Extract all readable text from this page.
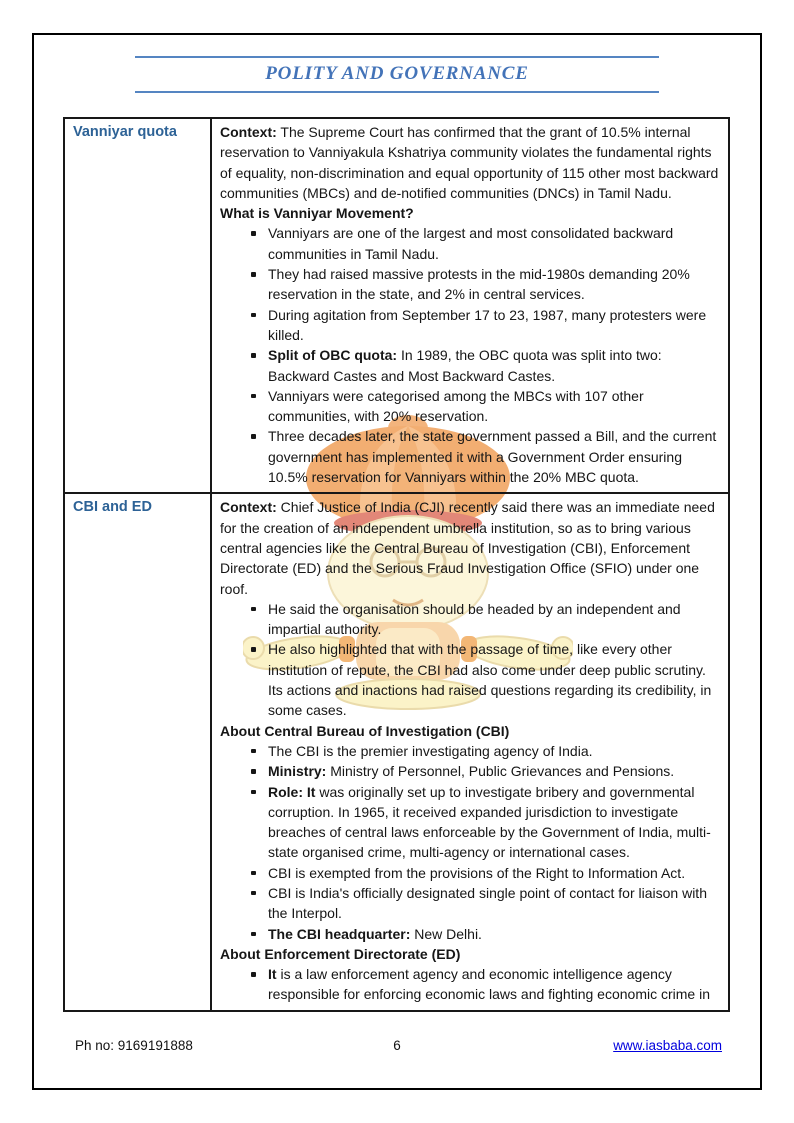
POLITY AND GOVERNANCE
Vanniyar quota	Context: The Supreme Court has confirmed that the grant of 10.5% internal reservation to Vanniyakula Kshatriya community violates the fundamental rights of equality, non-discrimination and equal opportunity of 115 other most backward communities (MBCs) and de-notified communities (DNCs) in Tamil Nadu.
What is Vanniyar Movement?
Vanniyars are one of the largest and most consolidated backward communities in Tamil Nadu.
They had raised massive protests in the mid-1980s demanding 20% reservation in the state, and 2% in central services.
During agitation from September 17 to 23, 1987, many protesters were killed.
Split of OBC quota: In 1989, the OBC quota was split into two: Backward Castes and Most Backward Castes.
Vanniyars were categorised among the MBCs with 107 other communities, with 20% reservation.
Three decades later, the state government passed a Bill, and the current government has implemented it with a Government Order ensuring 10.5% reservation for Vanniyars within the 20% MBC quota.
CBI and ED	Context: Chief Justice of India (CJI) recently said there was an immediate need for the creation of an independent umbrella institution, so as to bring various central agencies like the Central Bureau of Investigation (CBI), Enforcement Directorate (ED) and the Serious Fraud Investigation Office (SFIO) under one roof.
He said the organisation should be headed by an independent and impartial authority.
He also highlighted that with the passage of time, like every other institution of repute, the CBI had also come under deep public scrutiny. Its actions and inactions had raised questions regarding its credibility, in some cases.
About Central Bureau of Investigation (CBI)
The CBI is the premier investigating agency of India.
Ministry: Ministry of Personnel, Public Grievances and Pensions.
Role: It was originally set up to investigate bribery and governmental corruption. In 1965, it received expanded jurisdiction to investigate breaches of central laws enforceable by the Government of India, multi-state organised crime, multi-agency or international cases.
CBI is exempted from the provisions of the Right to Information Act.
CBI is India's officially designated single point of contact for liaison with the Interpol.
The CBI headquarter: New Delhi.
About Enforcement Directorate (ED)
It is a law enforcement agency and economic intelligence agency responsible for enforcing economic laws and fighting economic crime in
Ph no: 9169191888	6	www.iasbaba.com
